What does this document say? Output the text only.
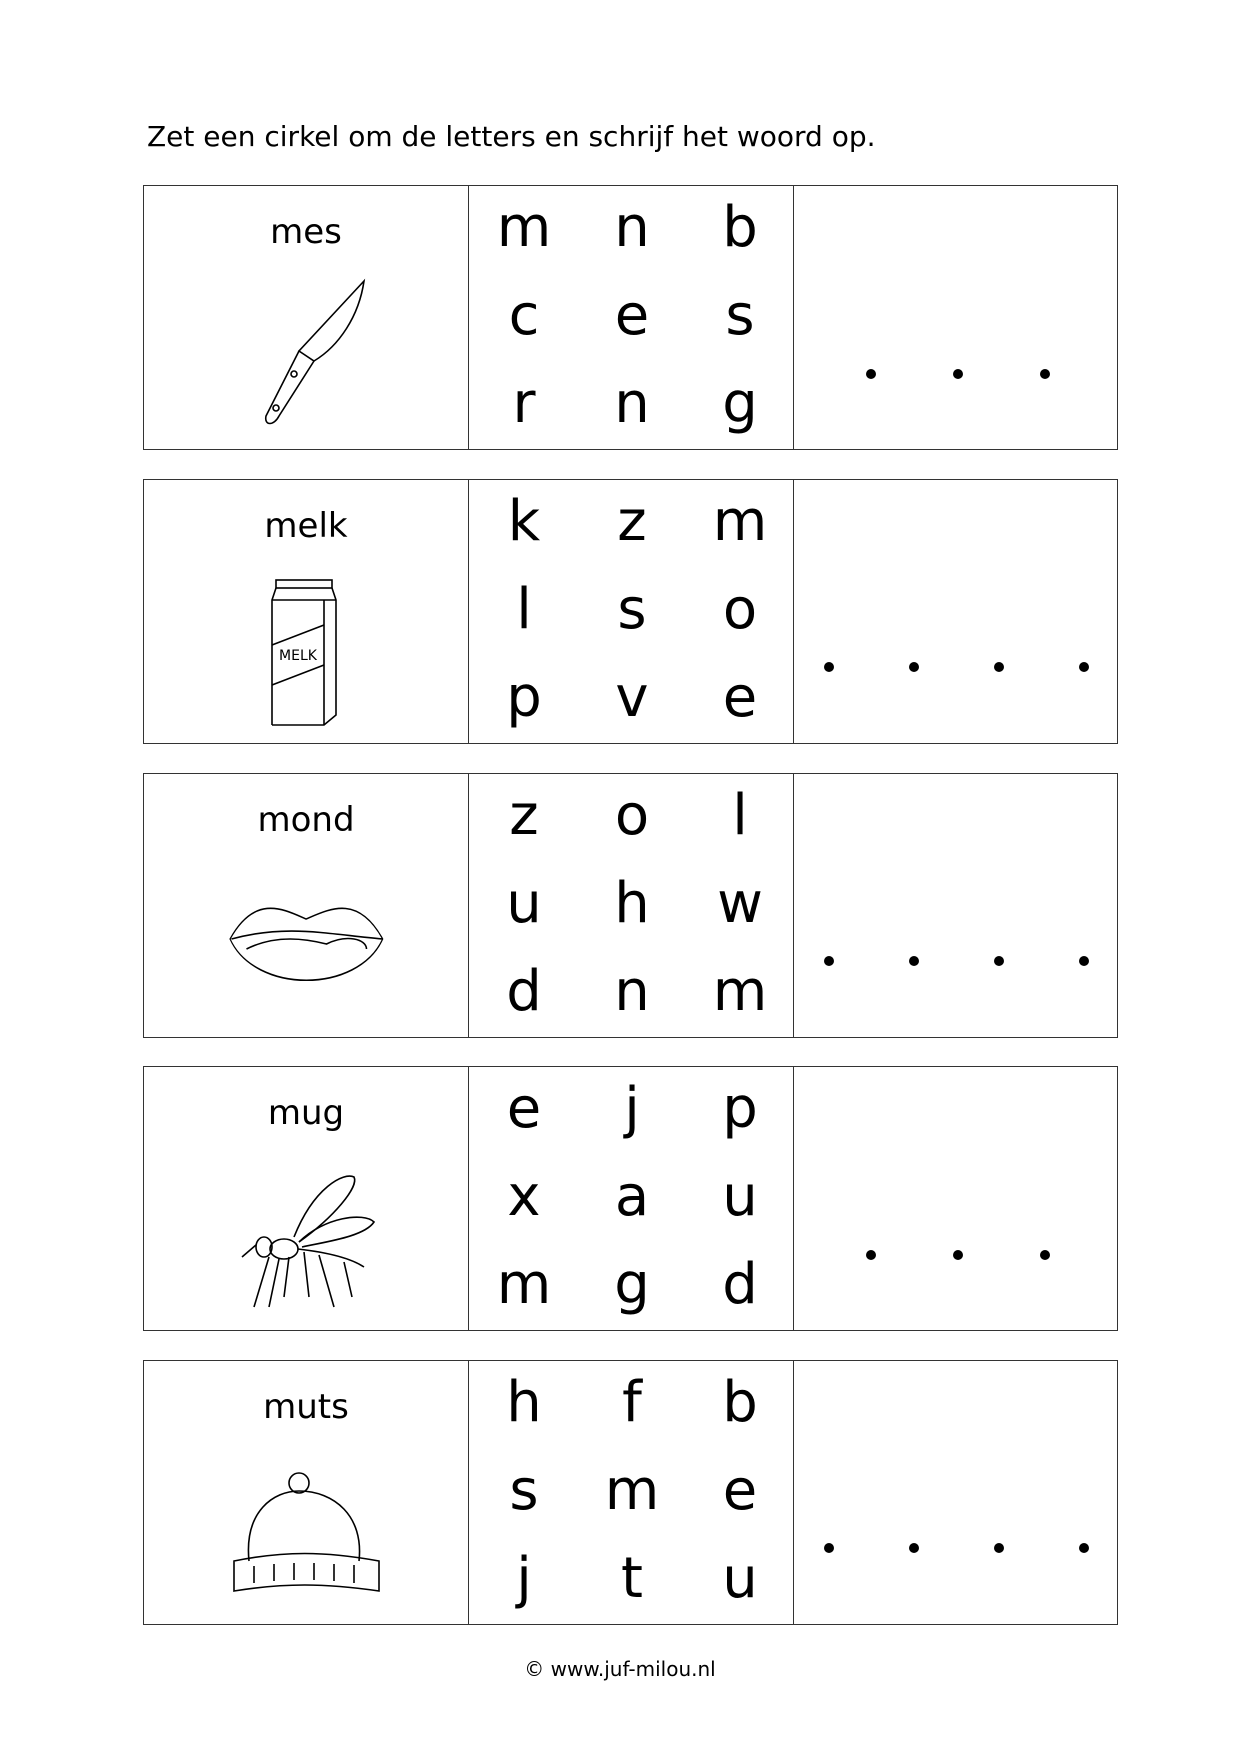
Zet een cirkel om de letters en schrijf het woord op.
mes	m n b
c e s
r	n g
melk
MELK
k z m
l	s o
p v e
mond	z o	l
u h w
d n m
mug	e	j	p
x a u
m g d
muts	h	f	b
s m e
j	t	u
© www.juf-milou.nl
